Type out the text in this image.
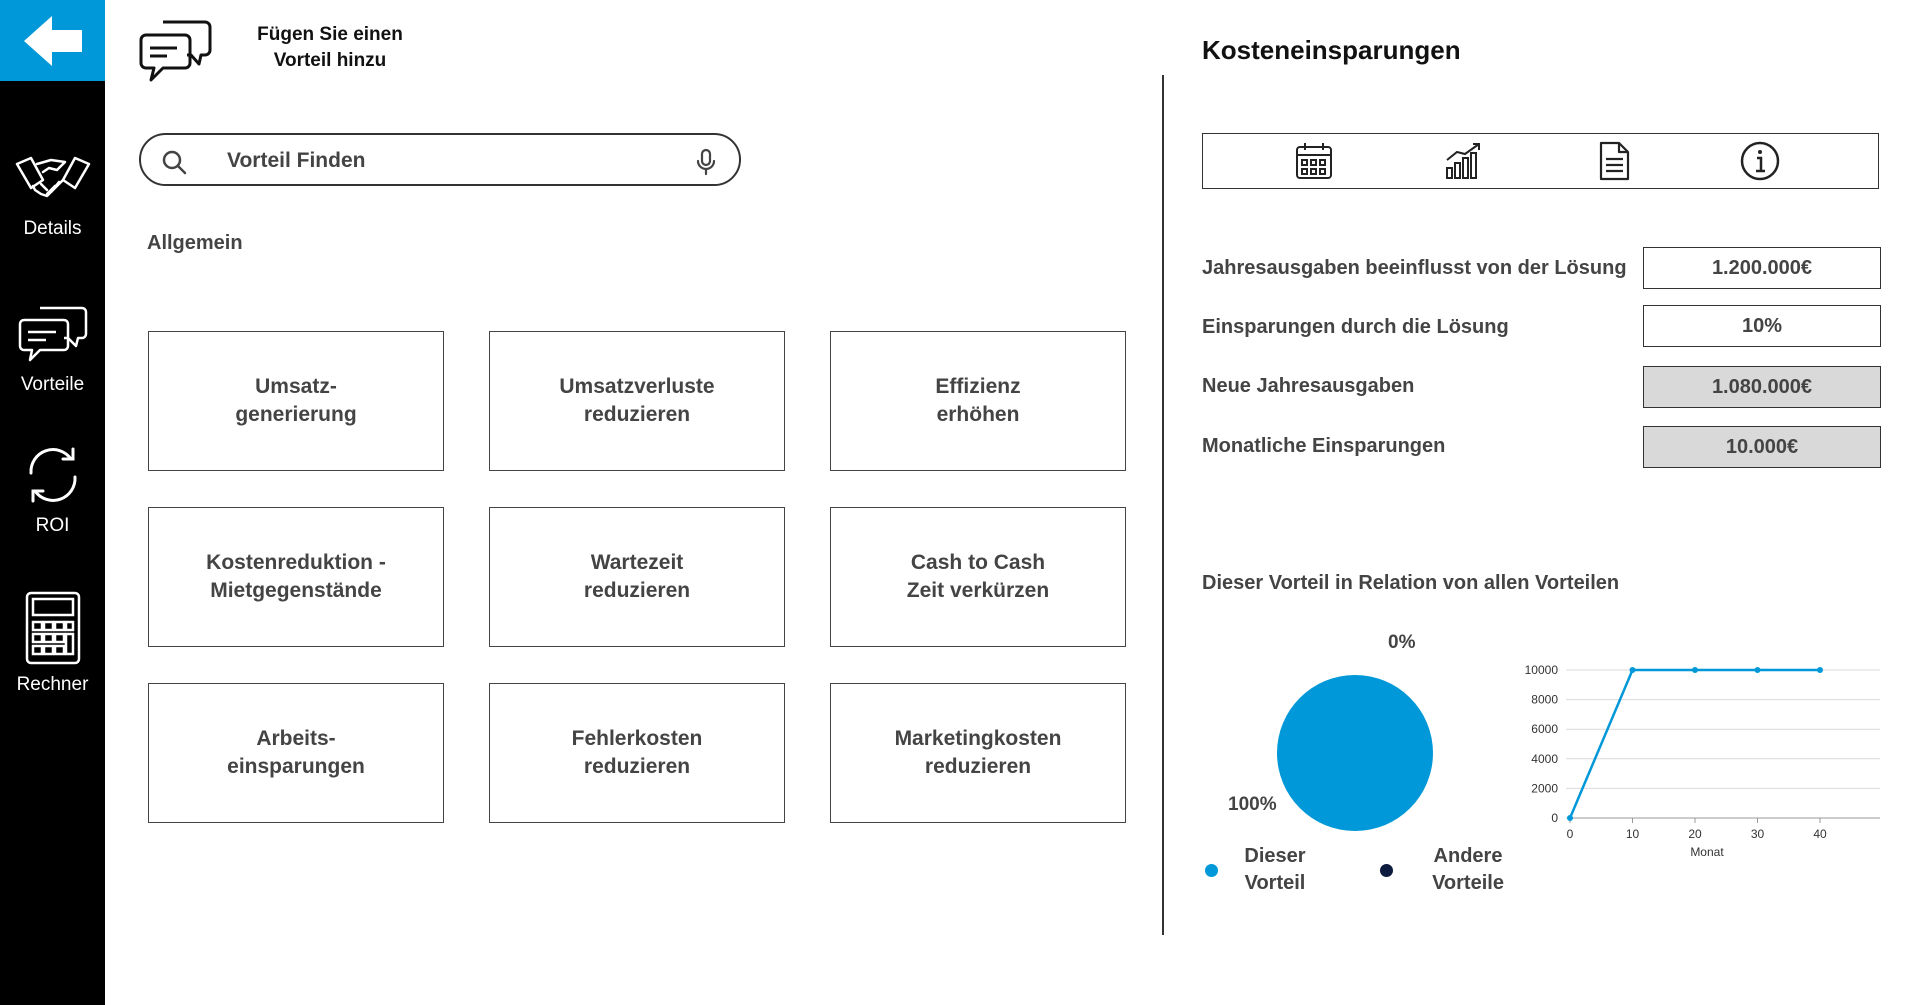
Details
Vorteile
ROI
Rechner
Fügen Sie einen
Vorteil hinzu
Vorteil Finden
Allgemein
Umsatz-
generierung
Umsatzverluste
reduzieren
Effizienz
erhöhen
Kostenreduktion -
Mietgegenstände
Wartezeit
reduzieren
Cash to Cash
Zeit verkürzen
Arbeits-
einsparungen
Fehlerkosten
reduzieren
Marketingkosten
reduzieren
Kosteneinsparungen
Jahresausgaben beeinflusst von der Lösung	1.200.000€
Einsparungen durch die Lösung	10%
Neue Jahresausgaben	1.080.000€
Monatliche Einsparungen	10.000€
Dieser Vorteil in Relation von allen Vorteilen
0%
100%
Dieser
Vorteil
Andere
Vorteile
0
2000
4000
6000
8000
10000
0	10	20	30	40
Monat
